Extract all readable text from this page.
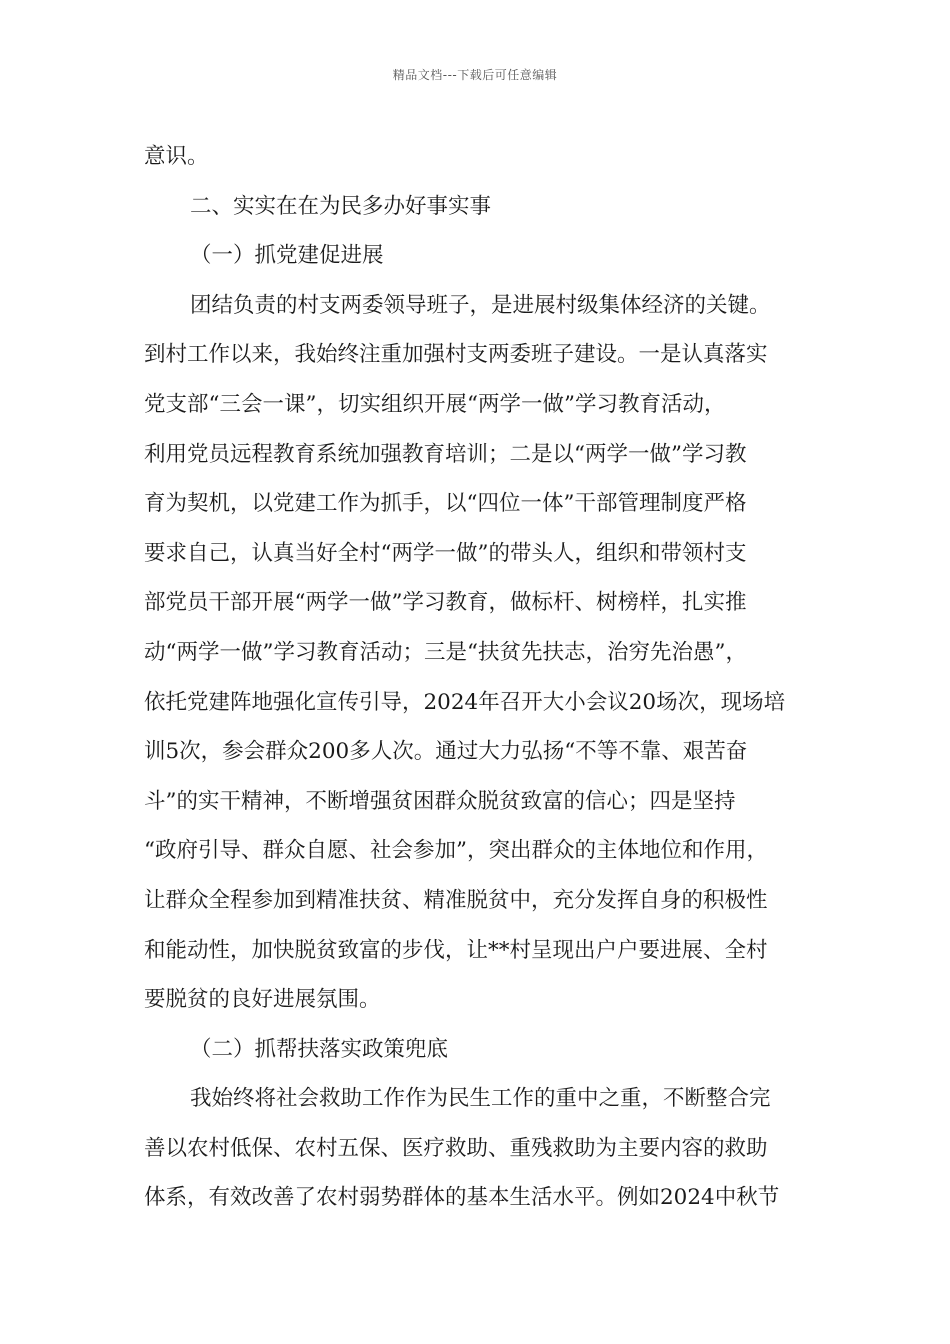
精品文档---下载后可任意编辑
意识。
二、实实在在为民多办好事实事
（一）抓党建促进展
团结负责的村支两委领导班子，是进展村级集体经济的关键。
到村工作以来，我始终注重加强村支两委班子建设。一是认真落实
党支部“三会一课”，切实组织开展“两学一做”学习教育活动，
利用党员远程教育系统加强教育培训；二是以“两学一做”学习教
育为契机，以党建工作为抓手，以“四位一体”干部管理制度严格
要求自己，认真当好全村“两学一做”的带头人，组织和带领村支
部党员干部开展“两学一做”学习教育，做标杆、树榜样，扎实推
动“两学一做”学习教育活动；三是“扶贫先扶志，治穷先治愚”，
依托党建阵地强化宣传引导，2024年召开大小会议20场次，现场培
训5次，参会群众200多人次。通过大力弘扬“不等不靠、艰苦奋
斗”的实干精神，不断增强贫困群众脱贫致富的信心；四是坚持
“政府引导、群众自愿、社会参加”，突出群众的主体地位和作用，
让群众全程参加到精准扶贫、精准脱贫中，充分发挥自身的积极性
和能动性，加快脱贫致富的步伐，让**村呈现出户户要进展、全村
要脱贫的良好进展氛围。
（二）抓帮扶落实政策兜底
我始终将社会救助工作作为民生工作的重中之重，不断整合完
善以农村低保、农村五保、医疗救助、重残救助为主要内容的救助
体系，有效改善了农村弱势群体的基本生活水平。例如2024中秋节
